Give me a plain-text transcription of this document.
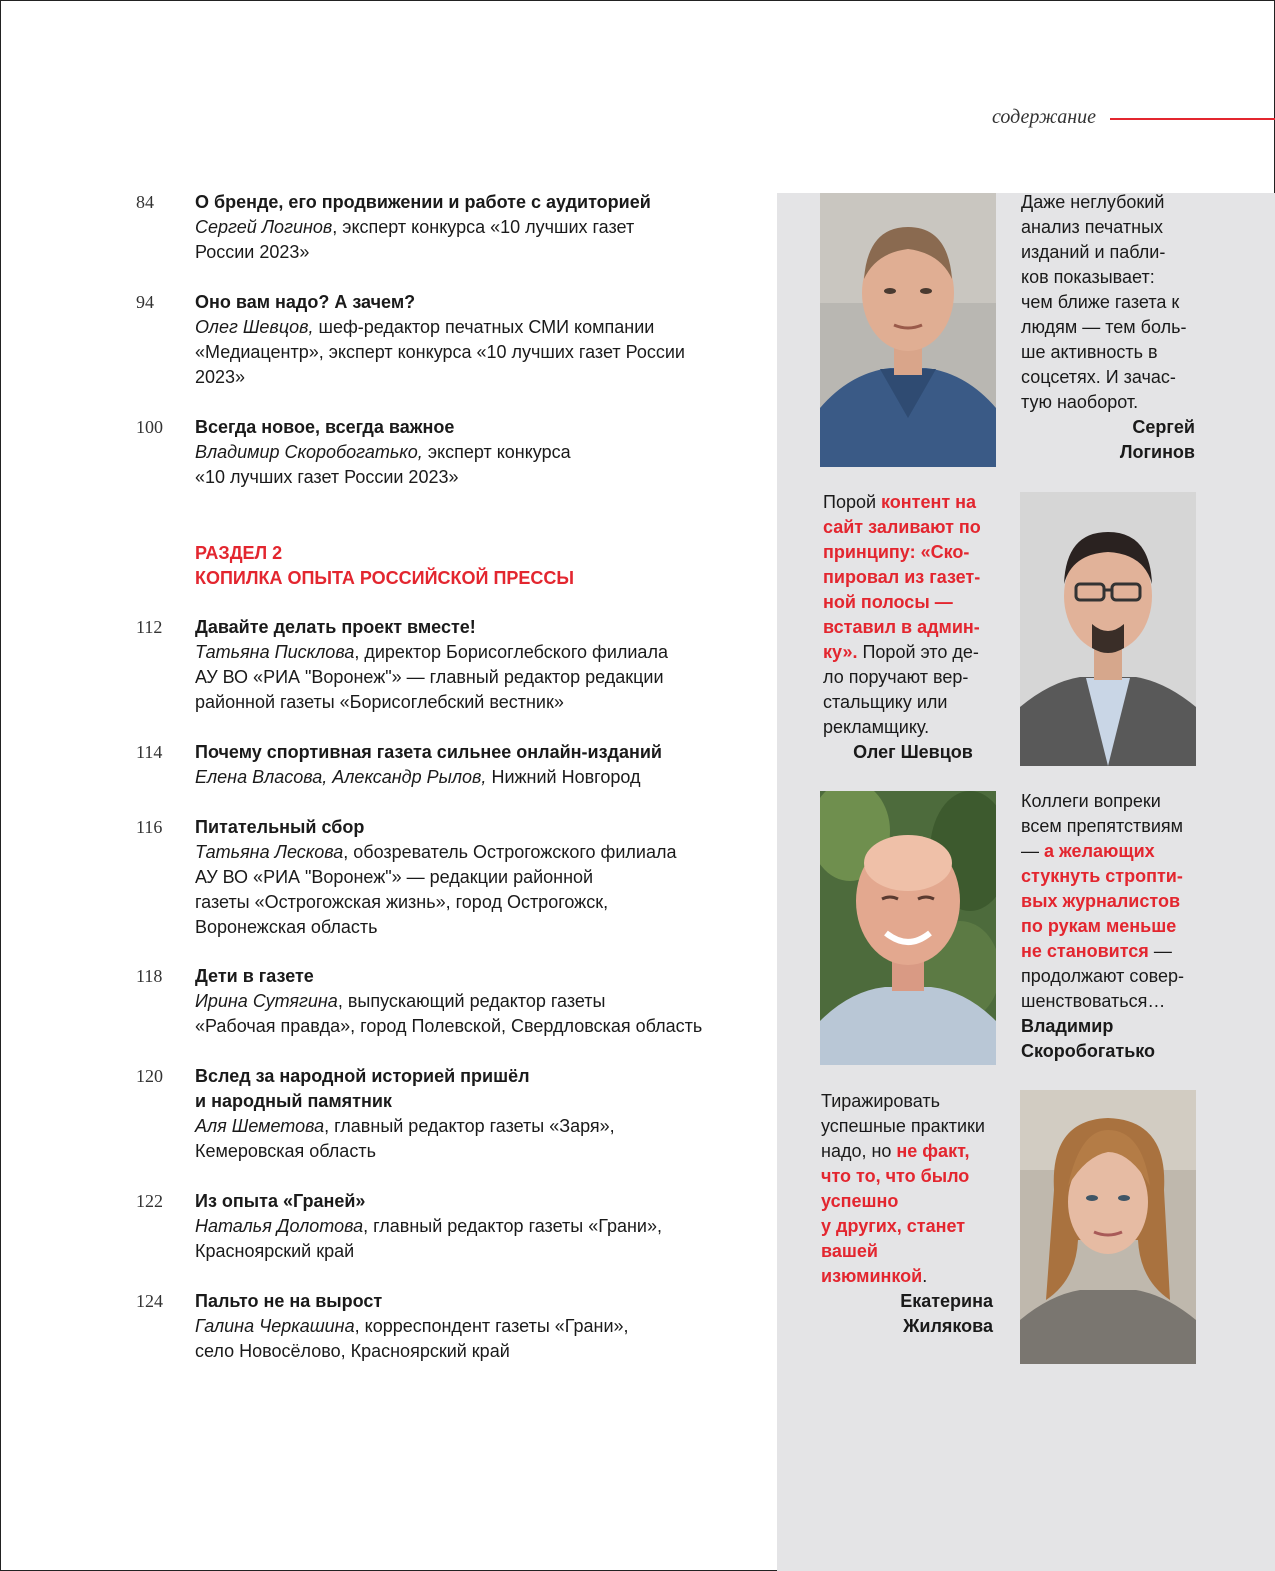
содержание
РАЗДЕЛ 2
КОПИЛКА ОПЫТА РОССИЙСКОЙ ПРЕССЫ
84	О бренде, его продвижении и работе с аудиторией
Сергей Логинов, эксперт конкурса «10 лучших газет
России 2023»
94	Оно вам надо? А зачем?
Олег Шевцов, шеф-редактор печатных СМИ компании
«Медиацентр», эксперт конкурса «10 лучших газет России
2023»
100	Всегда новое, всегда важное
Владимир Скоробогатько, эксперт конкурса
«10 лучших газет России 2023»
112	Давайте делать проект вместе!
Татьяна Писклова, директор Борисоглебского филиала
АУ ВО «РИА "Воронеж"» — главный редактор редакции
районной газеты «Борисоглебский вестник»
114	Почему спортивная газета сильнее онлайн-изданий
Елена Власова, Александр Рылов, Нижний Новгород
116	Питательный сбор
Татьяна Лескова, обозреватель Острогожского филиала
АУ ВО «РИА "Воронеж"» — редакции районной
газеты «Острогожская жизнь», город Острогожск,
Воронежская область
118	Дети в газете
Ирина Сутягина, выпускающий редактор газеты
«Рабочая правда», город Полевской, Свердловская область
120	Вслед за народной историей пришёл
и народный памятник
Аля Шеметова, главный редактор газеты «Заря»,
Кемеровская область
122	Из опыта «Граней»
Наталья Долотова, главный редактор газеты «Грани»,
Красноярский край
124	Пальто не на вырост
Галина Черкашина, корреспондент газеты «Грани»,
село Новосёлово, Красноярский край
Даже неглубокий
анализ печатных
изданий и пабли-
ков показывает:
чем ближе газета к
людям — тем боль-
ше активность в
соцсетях. И зачас-
тую наоборот.
Сергей
Логинов
Порой контент на
сайт заливают по
принципу: «Ско-
пировал из газет-
ной полосы —
вставил в админ-
ку». Порой это де-
ло поручают вер-
стальщику или
рекламщику.
Олег Шевцов
Коллеги вопреки
всем препятствиям
— а желающих
стукнуть стропти-
вых журналистов
по рукам меньше
не становится —
продолжают совер-
шенствоваться…
Владимир
Скоробогатько
Тиражировать
успешные практики
надо, но не факт,
что то, что было
успешно
у других, станет
вашей
изюминкой.
Екатерина
Жилякова
